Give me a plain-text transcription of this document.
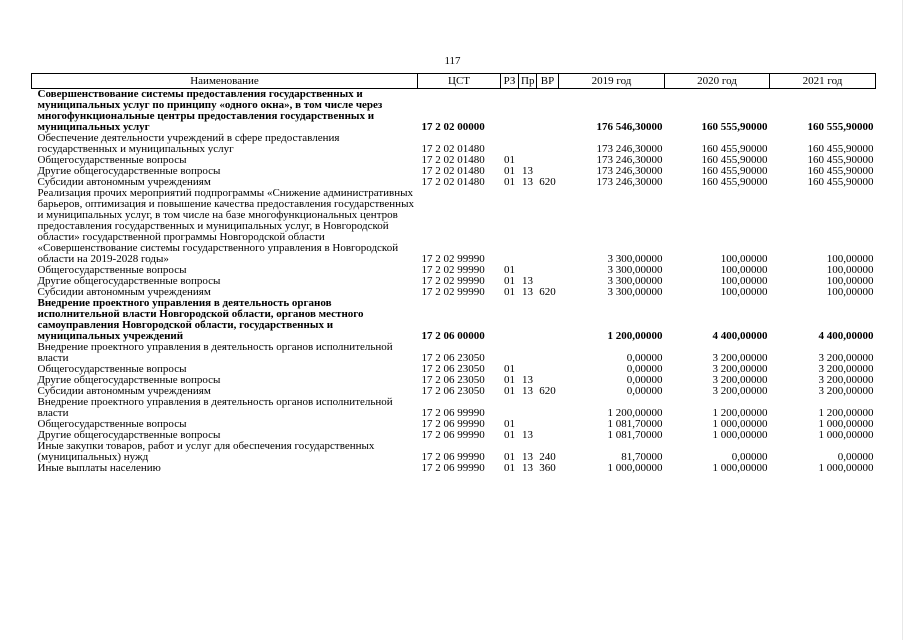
117
Наименование	ЦСТ	РЗ	Пр	ВР	2019 год	2020 год	2021 год
Совершенствование системы предоставления государственных и муниципальных услуг по принципу «одного окна», в том числе через многофункциональные центры предоставления государственных и муниципальных услуг	17 2 02 00000				176 546,30000	160 555,90000	160 555,90000
Обеспечение деятельности учреждений в сфере предоставления государственных и муниципальных услуг	17 2 02 01480				173 246,30000	160 455,90000	160 455,90000
Общегосударственные вопросы	17 2 02 01480	01			173 246,30000	160 455,90000	160 455,90000
Другие общегосударственные вопросы	17 2 02 01480	01	13		173 246,30000	160 455,90000	160 455,90000
Субсидии автономным учреждениям	17 2 02 01480	01	13	620	173 246,30000	160 455,90000	160 455,90000
Реализация прочих мероприятий подпрограммы «Снижение административных барьеров, оптимизация и повышение качества предоставления государственных и муниципальных услуг, в том числе на базе многофункциональных центров предоставления государственных и муниципальных услуг, в Новгородской области» государственной программы Новгородской области «Совершенствование системы государственного управления в Новгородской области на 2019-2028 годы»	17 2 02 99990				3 300,00000	100,00000	100,00000
Общегосударственные вопросы	17 2 02 99990	01			3 300,00000	100,00000	100,00000
Другие общегосударственные вопросы	17 2 02 99990	01	13		3 300,00000	100,00000	100,00000
Субсидии автономным учреждениям	17 2 02 99990	01	13	620	3 300,00000	100,00000	100,00000
Внедрение проектного управления в деятельность органов исполнительной власти Новгородской области, органов местного самоуправления Новгородской области, государственных и муниципальных учреждений	17 2 06 00000				1 200,00000	4 400,00000	4 400,00000
Внедрение проектного управления в деятельность органов исполнительной власти	17 2 06 23050				0,00000	3 200,00000	3 200,00000
Общегосударственные вопросы	17 2 06 23050	01			0,00000	3 200,00000	3 200,00000
Другие общегосударственные вопросы	17 2 06 23050	01	13		0,00000	3 200,00000	3 200,00000
Субсидии автономным учреждениям	17 2 06 23050	01	13	620	0,00000	3 200,00000	3 200,00000
Внедрение проектного управления в деятельность органов исполнительной власти	17 2 06 99990				1 200,00000	1 200,00000	1 200,00000
Общегосударственные вопросы	17 2 06 99990	01			1 081,70000	1 000,00000	1 000,00000
Другие общегосударственные вопросы	17 2 06 99990	01	13		1 081,70000	1 000,00000	1 000,00000
Иные закупки товаров, работ и услуг для обеспечения государственных (муниципальных) нужд	17 2 06 99990	01	13	240	81,70000	0,00000	0,00000
Иные выплаты населению	17 2 06 99990	01	13	360	1 000,00000	1 000,00000	1 000,00000
